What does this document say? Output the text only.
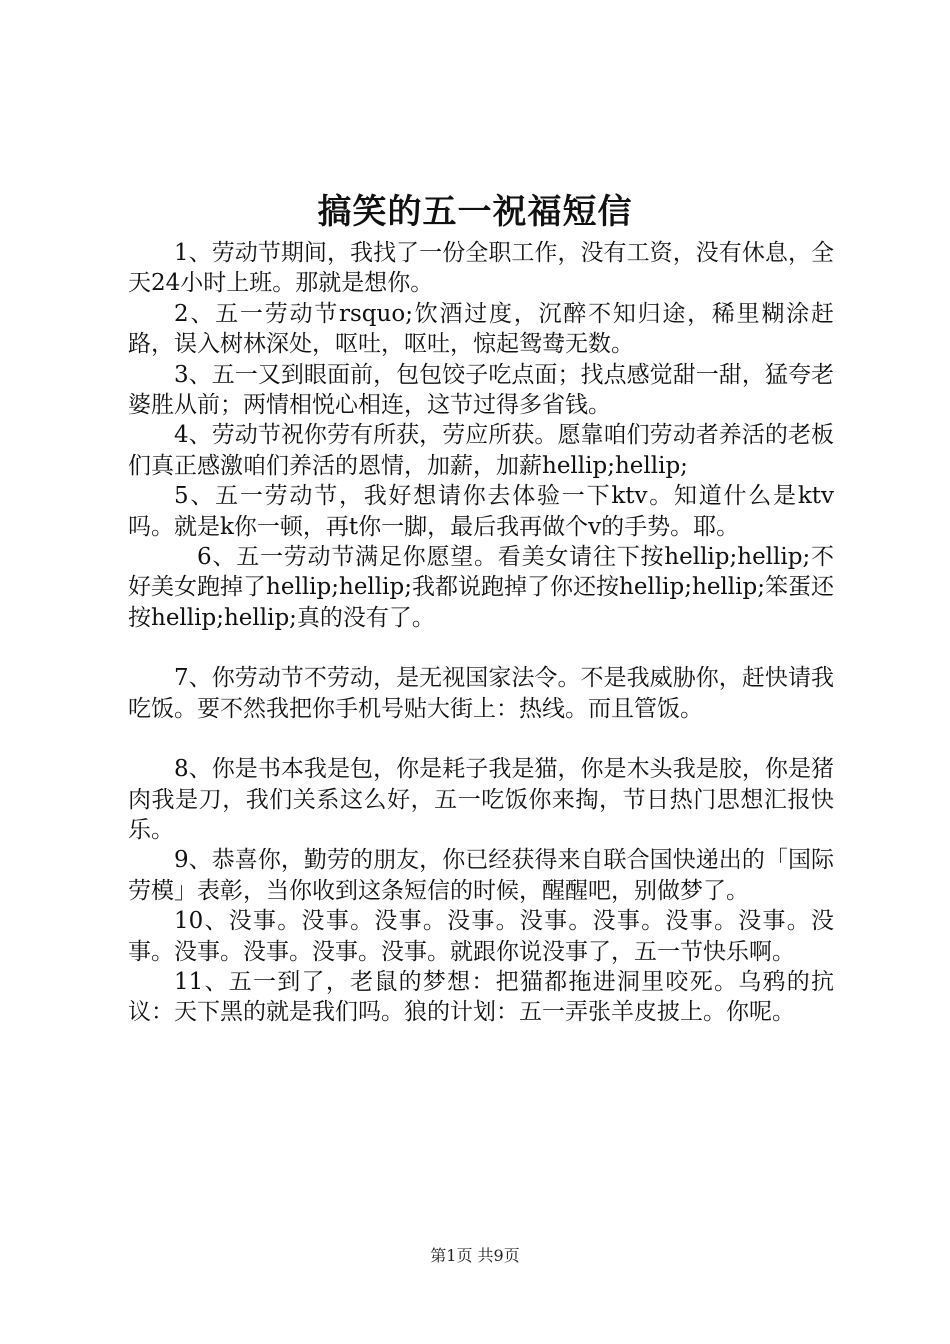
搞笑的五一祝福短信

1、劳动节期间，我找了一份全职工作，没有工资，没有休息，全天24小时上班。那就是想你。

2、五一劳动节rsquo;饮酒过度，沉醉不知归途，稀里糊涂赶路，误入树林深处，呕吐，呕吐，惊起鸳鸯无数。

3、五一又到眼面前，包包饺子吃点面；找点感觉甜一甜，猛夸老婆胜从前；两情相悦心相连，这节过得多省钱。

4、劳动节祝你劳有所获，劳应所获。愿靠咱们劳动者养活的老板们真正感激咱们养活的恩情，加薪，加薪hellip;hellip;

5、五一劳动节，我好想请你去体验一下ktv。知道什么是ktv吗。就是k你一顿，再t你一脚，最后我再做个v的手势。耶。

6、五一劳动节满足你愿望。看美女请往下按hellip;hellip;不好美女跑掉了hellip;hellip;我都说跑掉了你还按hellip;hellip;笨蛋还按hellip;hellip;真的没有了。

7、你劳动节不劳动，是无视国家法令。不是我威胁你，赶快请我吃饭。要不然我把你手机号贴大街上：热线。而且管饭。

8、你是书本我是包，你是耗子我是猫，你是木头我是胶，你是猪肉我是刀，我们关系这么好，五一吃饭你来掏，节日热门思想汇报快乐。

9、恭喜你，勤劳的朋友，你已经获得来自联合国快递出的「国际劳模」表彰，当你收到这条短信的时候，醒醒吧，别做梦了。

10、没事。没事。没事。没事。没事。没事。没事。没事。没事。没事。没事。没事。没事。就跟你说没事了，五一节快乐啊。

11、五一到了，老鼠的梦想：把猫都拖进洞里咬死。乌鸦的抗议：天下黑的就是我们吗。狼的计划：五一弄张羊皮披上。你呢。

第1页 共9页
